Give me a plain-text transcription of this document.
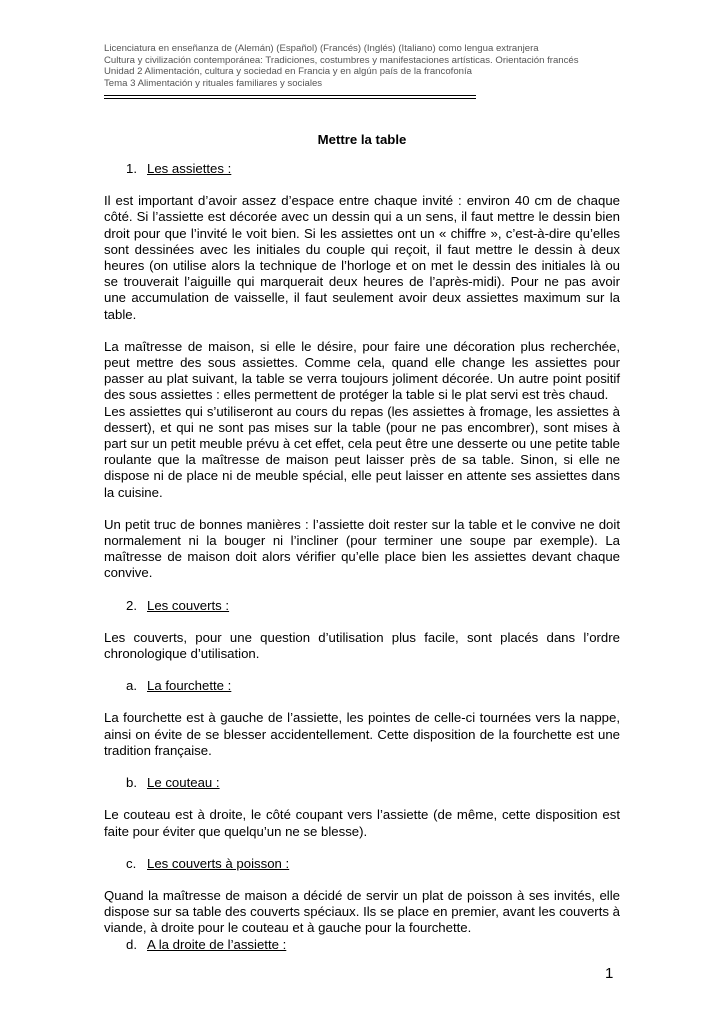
Licenciatura en enseñanza de (Alemán) (Español) (Francés) (Inglés) (Italiano) como lengua extranjera
Cultura y civilización contemporánea: Tradiciones, costumbres y manifestaciones artísticas. Orientación francés
Unidad 2 Alimentación, cultura y sociedad en Francia y en algún país de la francofonía
Tema 3 Alimentación y rituales familiares y sociales
Mettre la table
1. Les assiettes :

Il est important d’avoir assez d’espace entre chaque invité : environ 40 cm de chaque côté. Si l’assiette est décorée avec un dessin qui a un sens, il faut mettre le dessin bien droit pour que l’invité le voit bien. Si les assiettes ont un « chiffre », c’est-à-dire qu’elles sont dessinées avec les initiales du couple qui reçoit, il faut mettre le dessin à deux heures (on utilise alors la technique de l’horloge et on met le dessin des initiales là ou se trouverait l’aiguille qui marquerait deux heures de l’après-midi). Pour ne pas avoir une accumulation de vaisselle, il faut seulement avoir deux assiettes maximum sur la table.

La maîtresse de maison, si elle le désire, pour faire une décoration plus recherchée, peut mettre des sous assiettes. Comme cela, quand elle change les assiettes pour passer au plat suivant, la table se verra toujours joliment décorée. Un autre point positif des sous assiettes : elles permettent de protéger la table si le plat servi est très chaud.

Les assiettes qui s’utiliseront au cours du repas (les assiettes à fromage, les assiettes à dessert), et qui ne sont pas mises sur la table (pour ne pas encombrer), sont mises à part sur un petit meuble prévu à cet effet, cela peut être une desserte ou une petite table roulante que la maîtresse de maison peut laisser près de sa table. Sinon, si elle ne dispose ni de place ni de meuble spécial, elle peut laisser en attente ses assiettes dans la cuisine.

Un petit truc de bonnes manières : l’assiette doit rester sur la table et le convive ne doit normalement ni la bouger ni l’incliner (pour terminer une soupe par exemple). La maîtresse de maison doit alors vérifier qu’elle place bien les assiettes devant chaque convive.

2. Les couverts :

Les couverts, pour une question d’utilisation plus facile, sont placés dans l’ordre chronologique d’utilisation.

a. La fourchette :

La fourchette est à gauche de l’assiette, les pointes de celle-ci tournées vers la nappe, ainsi on évite de se blesser accidentellement. Cette disposition de la fourchette est une tradition française.

b. Le couteau :

Le couteau est à droite, le côté coupant vers l’assiette (de même, cette disposition est faite pour éviter que quelqu’un ne se blesse).

c. Les couverts à poisson :

Quand la maîtresse de maison a décidé de servir un plat de poisson à ses invités, elle dispose sur sa table des couverts spéciaux. Ils se place en premier, avant les couverts à viande, à droite pour le couteau et à gauche pour la fourchette.

d. A la droite de l’assiette :
1
